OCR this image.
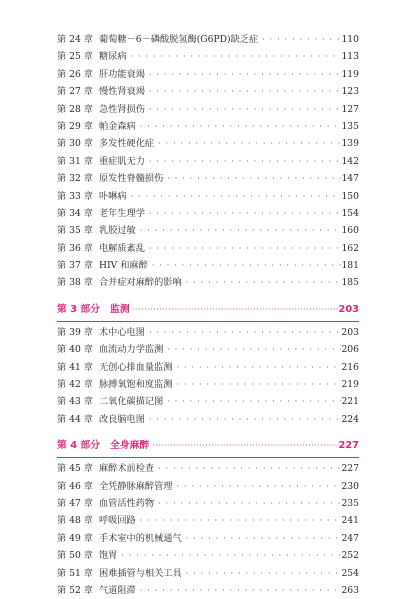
第 24 章 葡萄糖－6－磷酸脱氢酶(G6PD)缺乏症 · · ·	110
第 25 章 糖尿病 · · ·	113
第 26 章 肝功能衰竭 · · ·	119
第 27 章 慢性肾衰竭 · · ·	123
第 28 章 急性肾损伤 · · ·	127
第 29 章 帕金森病 · · ·	135
第 30 章 多发性硬化症 · · ·	139
第 31 章 重症肌无力 · · ·	142
第 32 章 原发性脊髓损伤 · · ·	147
第 33 章 卟啉病 · · ·	150
第 34 章 老年生理学 · · ·	154
第 35 章 乳胶过敏 · · ·	160
第 36 章 电解质紊乱 · · ·	162
第 37 章 HIV 和麻醉 · · ·	181
第 38 章 合并症对麻醉的影响 · · ·	185
第 3 部分	监测 ·····	203
第 39 章 术中心电图 · · ·	203
第 40 章 血流动力学监测 · · ·	206
第 41 章 无创心排血量监测 · · ·	216
第 42 章 脉搏氧饱和度监测 · · ·	219
第 43 章 二氧化碳描记图 · · ·	221
第 44 章 改良脑电图 · · ·	224
第 4 部分	全身麻醉 ·····	227
第 45 章 麻醉术前检查 · · ·	227
第 46 章 全凭静脉麻醉管理 · · ·	230
第 47 章 血管活性药物 · · ·	235
第 48 章 呼吸回路 · · ·	241
第 49 章 手术室中的机械通气 · · ·	247
第 50 章 饱胃 · · ·	252
第 51 章 困难插管与相关工具 · · ·	254
第 52 章 气道阻滞 · · ·	263
